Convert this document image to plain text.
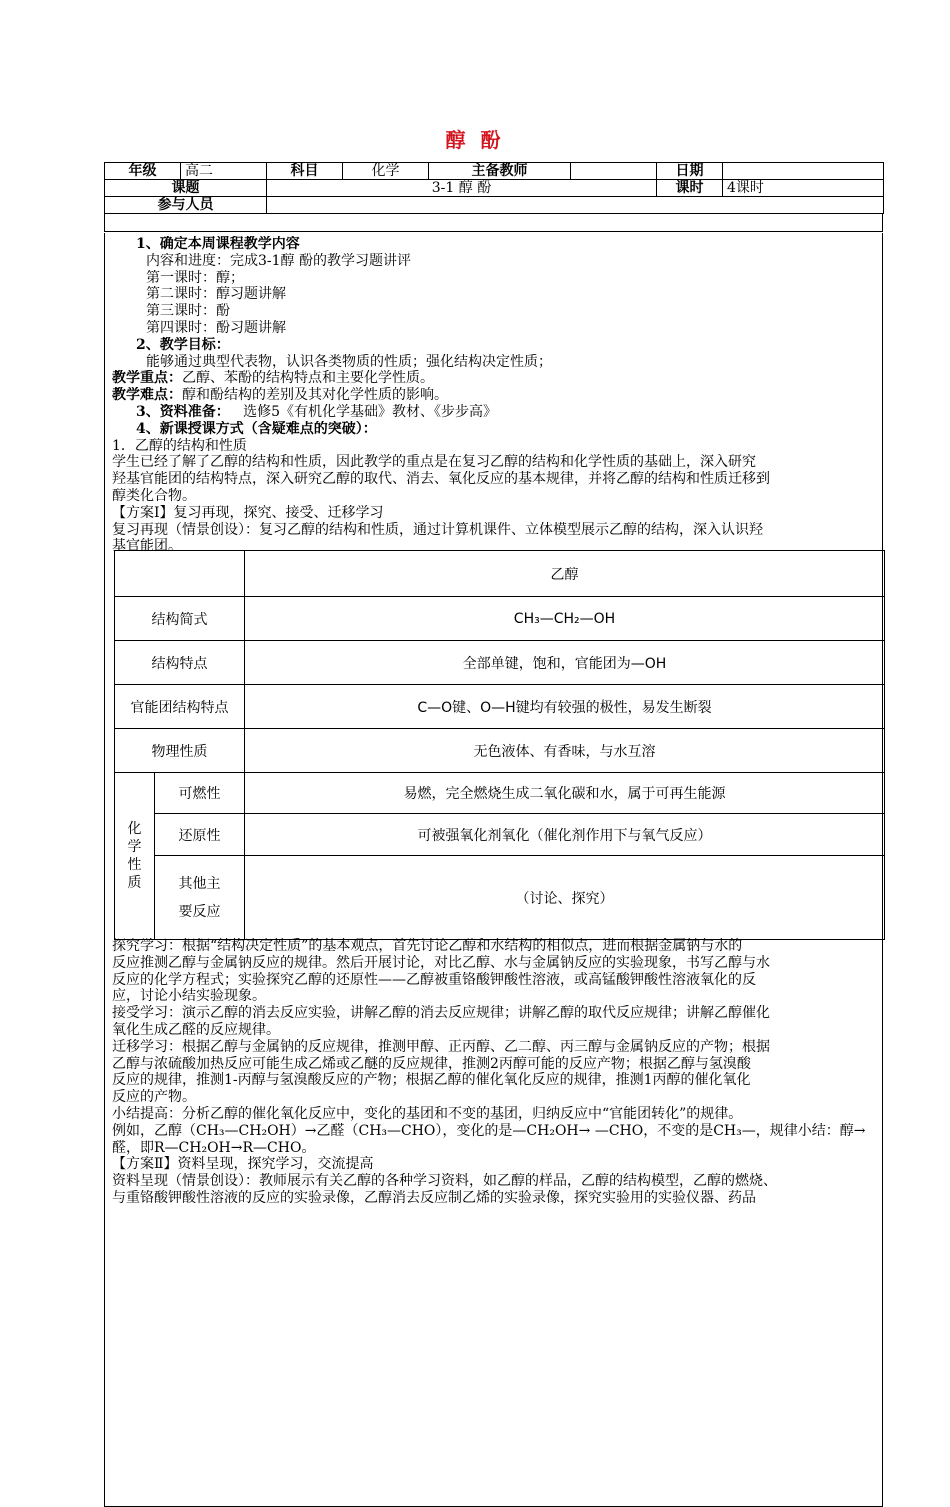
醇 酚
年级	高二	科目	化学	主备教师		日期	
课题		3-1 醇 酚				课时	4课时
参与人员							
1、确定本周课程教学内容
内容和进度：完成3-1醇 酚的教学习题讲评
第一课时：醇；
第二课时：醇习题讲解
第三课时：酚
第四课时：酚习题讲解
2、教学目标：
能够通过典型代表物，认识各类物质的性质；强化结构决定性质；
教学重点：乙醇、苯酚的结构特点和主要化学性质。
教学难点：醇和酚结构的差别及其对化学性质的影响。
3、资料准备： 选修5《有机化学基础》教材、《步步高》
4、新课授课方式（含疑难点的突破）：
1．乙醇的结构和性质
学生已经了解了乙醇的结构和性质，因此教学的重点是在复习乙醇的结构和化学性质的基础上，深入研究
羟基官能团的结构特点，深入研究乙醇的取代、消去、氧化反应的基本规律，并将乙醇的结构和性质迁移到
醇类化合物。
【方案Ⅰ】复习再现，探究、接受、迁移学习
复习再现（情景创设）：复习乙醇的结构和性质，通过计算机课件、立体模型展示乙醇的结构，深入认识羟
基官能团。
		乙醇
结构简式		CH₃—CH₂—OH
结构特点		全部单键，饱和，官能团为—OH
官能团结构特点		C—O键、O—H键均有较强的极性，易发生断裂
物理性质		无色液体、有香味，与水互溶

化
学
性
质	可燃性	易燃，完全燃烧生成二氧化碳和水，属于可再生能源
	还原性	可被强氧化剂氧化（催化剂作用下与氧气反应）

	其他主
要反应	（讨论、探究）
探究学习：根据“结构决定性质”的基本观点，首先讨论乙醇和水结构的相似点，进而根据金属钠与水的
反应推测乙醇与金属钠反应的规律。然后开展讨论，对比乙醇、水与金属钠反应的实验现象，书写乙醇与水
反应的化学方程式；实验探究乙醇的还原性——乙醇被重铬酸钾酸性溶液，或高锰酸钾酸性溶液氧化的反
应，讨论小结实验现象。
接受学习：演示乙醇的消去反应实验，讲解乙醇的消去反应规律；讲解乙醇的取代反应规律；讲解乙醇催化
氧化生成乙醛的反应规律。
迁移学习：根据乙醇与金属钠的反应规律，推测甲醇、正丙醇、乙二醇、丙三醇与金属钠反应的产物；根据
乙醇与浓硫酸加热反应可能生成乙烯或乙醚的反应规律，推测2丙醇可能的反应产物；根据乙醇与氢溴酸
反应的规律，推测1-丙醇与氢溴酸反应的产物；根据乙醇的催化氧化反应的规律，推测1丙醇的催化氧化
反应的产物。
小结提高：分析乙醇的催化氧化反应中，变化的基团和不变的基团，归纳反应中“官能团转化”的规律。
例如，乙醇（CH₃—CH₂OH）→乙醛（CH₃—CHO），变化的是—CH₂OH→ —CHO，不变的是CH₃—，规律小结：醇→
醛，即R—CH₂OH→R—CHO。
【方案Ⅱ】资料呈现，探究学习，交流提高
资料呈现（情景创设）：教师展示有关乙醇的各种学习资料，如乙醇的样品，乙醇的结构模型，乙醇的燃烧、
与重铬酸钾酸性溶液的反应的实验录像，乙醇消去反应制乙烯的实验录像，探究实验用的实验仪器、药品
